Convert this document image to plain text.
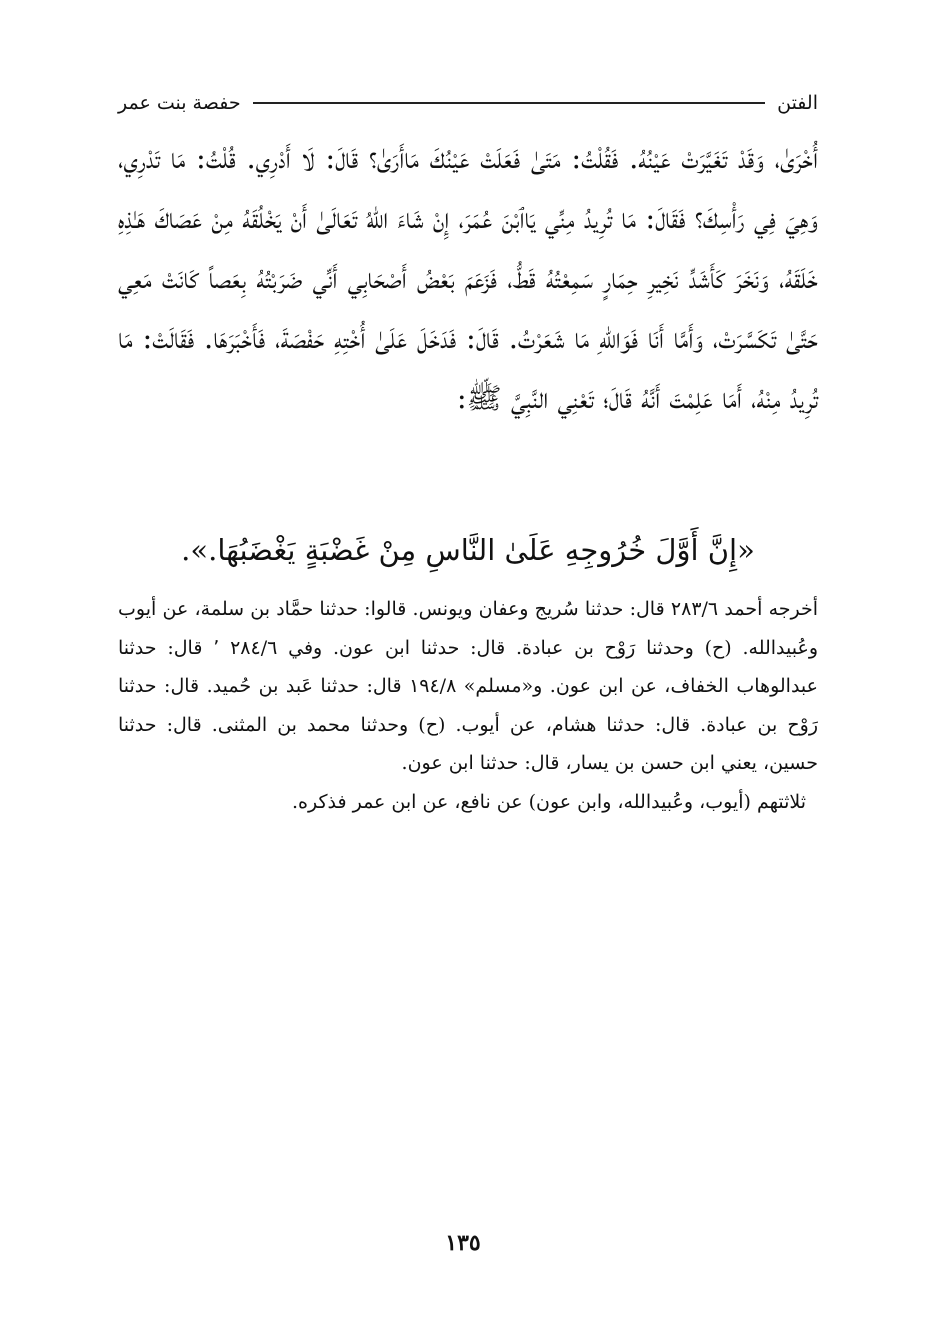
الفتن
حفصة بنت عمر

أُخْرَىٰ، وَقَدْ تَغَيَّرَتْ عَيْنُهُ. فَقُلْتُ: مَتَىٰ فَعَلَتْ عَيْنُكَ مَاأَرَىٰ؟ قَالَ: لَا أَدْرِي. قُلْتُ: مَا تَدْرِي، وَهِيَ فِي رَأْسِكَ؟ فَقَالَ: مَا تُرِيدُ مِنِّي يَاٱبْنَ عُمَرَ، إِنْ شَاءَ اللهُ تَعَالَىٰ أَنْ يَخْلُقَهُ مِنْ عَصَاكَ هَـٰذِهِ خَلَقَهُ، وَنَخَرَ كَأَشَدِّ نَخِيرِ حِمَارٍ سَمِعْتُهُ قَطُّ، فَزَعَمَ بَعْضُ أَصْحَابِي أَنِّي ضَرَبْتُهُ بِعَصاً كَانَتْ مَعِي حَتَّىٰ تَكَسَّرَتْ، وَأَمَّا أَنَا فَوَاللهِ مَا شَعَرْتُ. قَالَ: فَدَخَلَ عَلَىٰ أُخْتِهِ حَفْصَةَ، فَأَخْبَرَهَا. فَقَالَتْ: مَا تُرِيدُ مِنْهُ، أَمَا عَلِمْتَ أَنَّهُ قَالَ؛ تَعْنِي النَّبِيَّ ﷺ:

«إِنَّ أَوَّلَ خُرُوجِهِ عَلَىٰ النَّاسِ مِنْ غَضْبَةٍ يَغْضَبُهَا.».

أخرجه أحمد ٢٨٣/٦ قال: حدثنا سُريج وعفان ويونس. قالوا: حدثنا حمَّاد بن سلمة، عن أيوب وعُبيدالله. (ح) وحدثنا رَوْح بن عبادة. قال: حدثنا ابن عون. وفي ٢٨٤/٦ ٬ قال: حدثنا عبدالوهاب الخفاف، عن ابن عون. و«مسلم» ١٩٤/٨ قال: حدثنا عَبد بن حُميد. قال: حدثنا رَوْح بن عبادة. قال: حدثنا هشام، عن أيوب. (ح) وحدثنا محمد بن المثنى. قال: حدثنا حسين، يعني ابن حسن بن يسار، قال: حدثنا ابن عون.

ثلاثتهم (أيوب، وعُبيدالله، وابن عون) عن نافع، عن ابن عمر فذكره.

١٣٥
